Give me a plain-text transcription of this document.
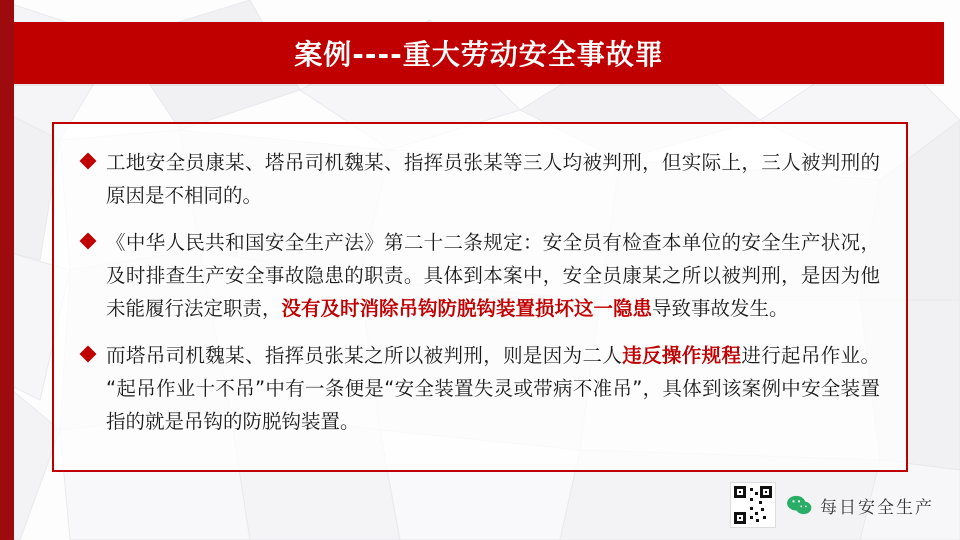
案例----重大劳动安全事故罪
工地安全员康某、塔吊司机魏某、指挥员张某等三人均被判刑，但实际上，三人被判刑的原因是不相同的。
《中华人民共和国安全生产法》第二十二条规定：安全员有检查本单位的安全生产状况，及时排查生产安全事故隐患的职责。具体到本案中，安全员康某之所以被判刑，是因为他未能履行法定职责，没有及时消除吊钩防脱钩装置损坏这一隐患导致事故发生。
而塔吊司机魏某、指挥员张某之所以被判刑，则是因为二人违反操作规程进行起吊作业。 “起吊作业十不吊”中有一条便是“安全装置失灵或带病不准吊”，具体到该案例中安全装置指的就是吊钩的防脱钩装置。
每日安全生产
